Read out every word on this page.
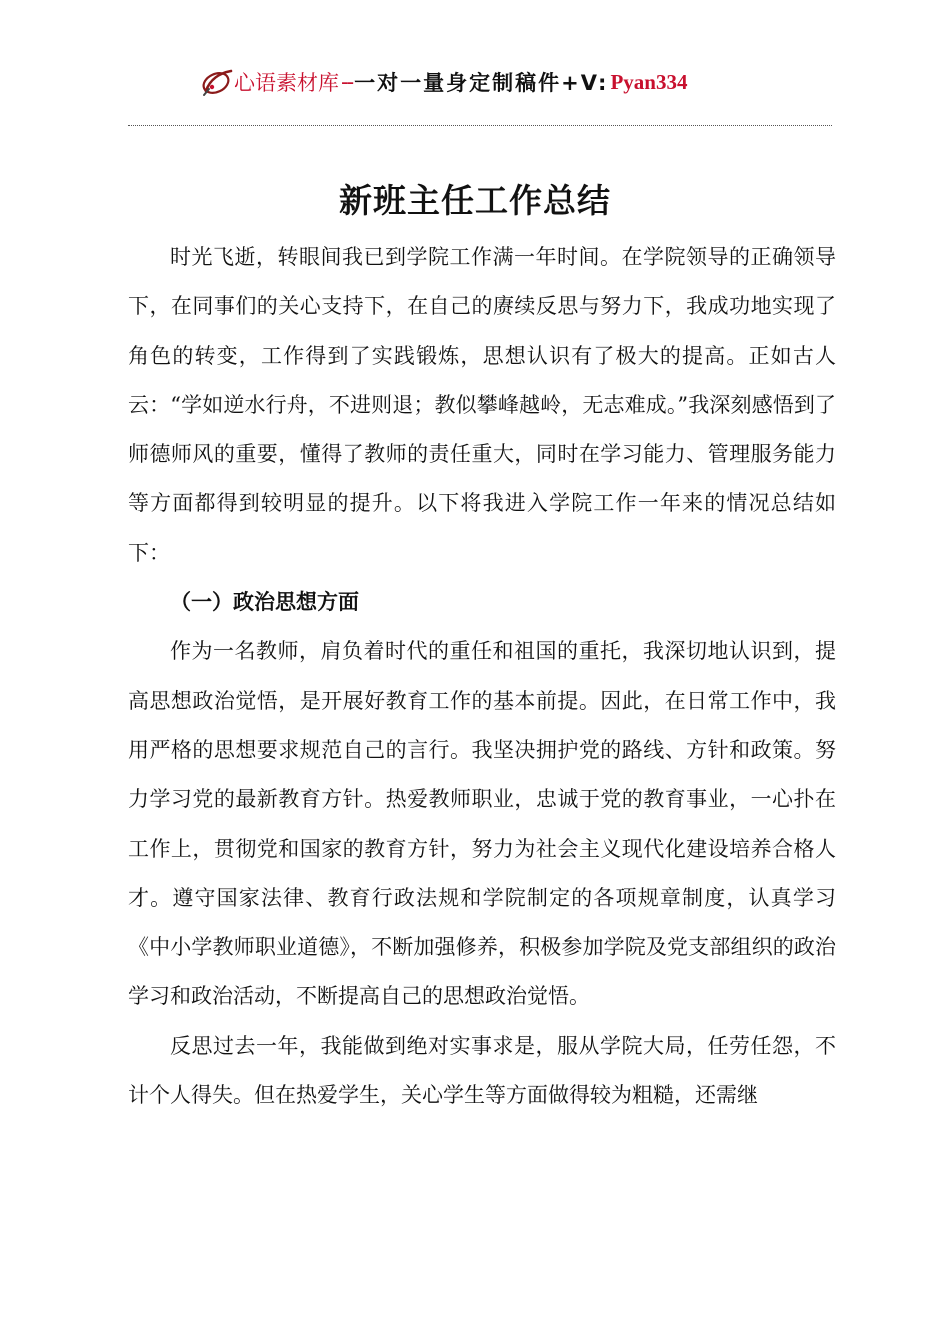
心语素材库 -- 一对一量身定制稿件+V: Pyan334
新班主任工作总结

时光飞逝，转眼间我已到学院工作满一年时间。在学院领导的正确领导下，在同事们的关心支持下，在自己的赓续反思与努力下，我成功地实现了角色的转变，工作得到了实践锻炼，思想认识有了极大的提高。正如古人云：“学如逆水行舟，不进则退；教似攀峰越岭，无志难成。”我深刻感悟到了师德师风的重要，懂得了教师的责任重大，同时在学习能力、管理服务能力等方面都得到较明显的提升。以下将我进入学院工作一年来的情况总结如下：

（一）政治思想方面

作为一名教师，肩负着时代的重任和祖国的重托，我深切地认识到，提高思想政治觉悟，是开展好教育工作的基本前提。因此，在日常工作中，我用严格的思想要求规范自己的言行。我坚决拥护党的路线、方针和政策。努力学习党的最新教育方针。热爱教师职业，忠诚于党的教育事业，一心扑在工作上，贯彻党和国家的教育方针，努力为社会主义现代化建设培养合格人才。遵守国家法律、教育行政法规和学院制定的各项规章制度，认真学习《中小学教师职业道德》，不断加强修养，积极参加学院及党支部组织的政治学习和政治活动，不断提高自己的思想政治觉悟。

反思过去一年，我能做到绝对实事求是，服从学院大局，任劳任怨，不计个人得失。但在热爱学生，关心学生等方面做得较为粗糙，还需继
